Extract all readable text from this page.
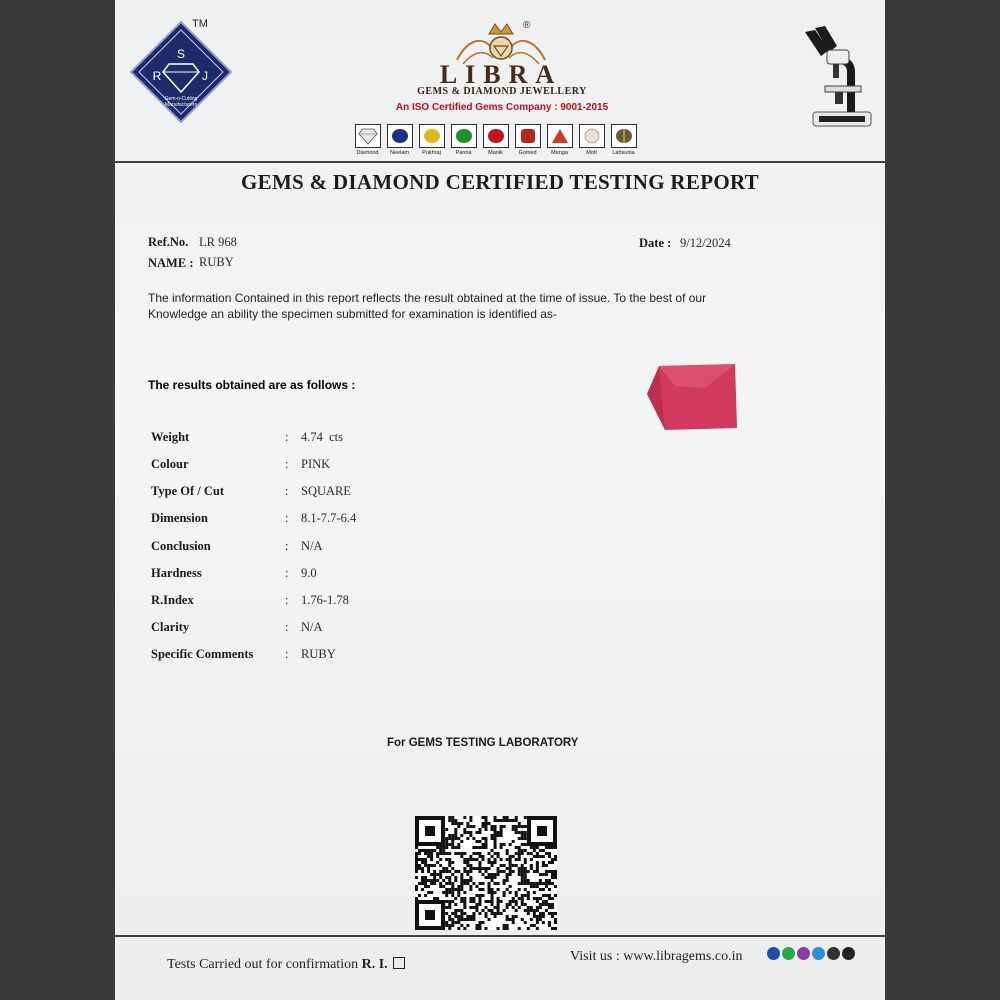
S
R	J
Gem-n-Cutting
Manufacturers
TM	®
LIBRA
GEMS & DIAMOND JEWELLERY
An ISO Certified Gems Company : 9001-2015
Diamond Neelam Pukhraj	Panna	Manik	Gomed	Munga	Moti	Lahsunia
GEMS & DIAMOND CERTIFIED TESTING REPORT
Ref.No. LR 968
NAME : RUBY
Date : 9/12/2024
The information Contained in this report reflects the result obtained at the time of issue. To the best of our
Knowledge an ability the specimen submitted for examination is identified as-
The results obtained are as follows :
Weight	: 4.74 cts
Colour	: PINK
Type Of / Cut	: SQUARE
Dimension	: 8.1-7.7-6.4
Conclusion	: N/A
Hardness	: 9.0
R.Index	: 1.76-1.78
Clarity	: N/A
Specific Comments	: RUBY
For GEMS TESTING LABORATORY
Tests Carried out for confirmation R. I.
Visit us : www.libragems.co.in
